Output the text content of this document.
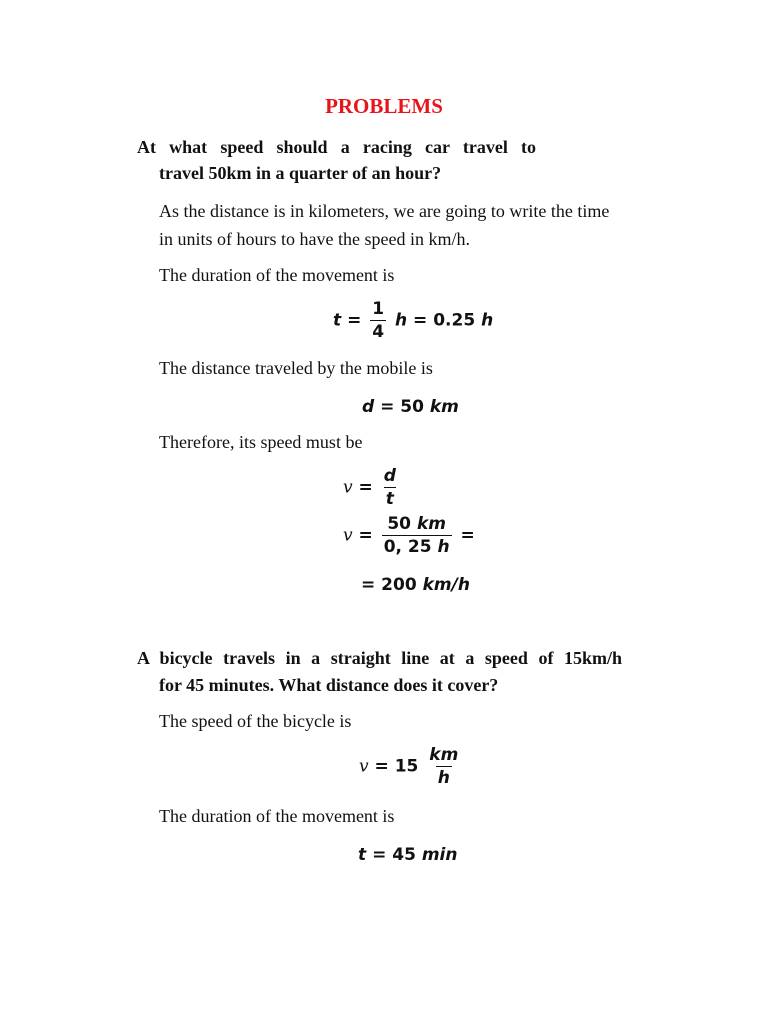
PROBLEMS
At what speed should a racing car travel to
travel 50km in a quarter of an hour?
As the distance is in kilometers, we are going to write the time
in units of hours to have the speed in km/h.
The duration of the movement is
$t = \frac{1}{4}$ h = 0.25 h
The distance traveled by the mobile is
d = 50 km
Therefore, its speed must be
$v = \frac{d}{t}$
$v = \frac{50 km}{0, 25 h}$ =
= 200 km/h
A bicycle travels in a straight line at a speed of 15km/h
for 45 minutes. What distance does it cover?
The speed of the bicycle is
$v = 15 \frac{km}{h}$
The duration of the movement is
t = 45 min
